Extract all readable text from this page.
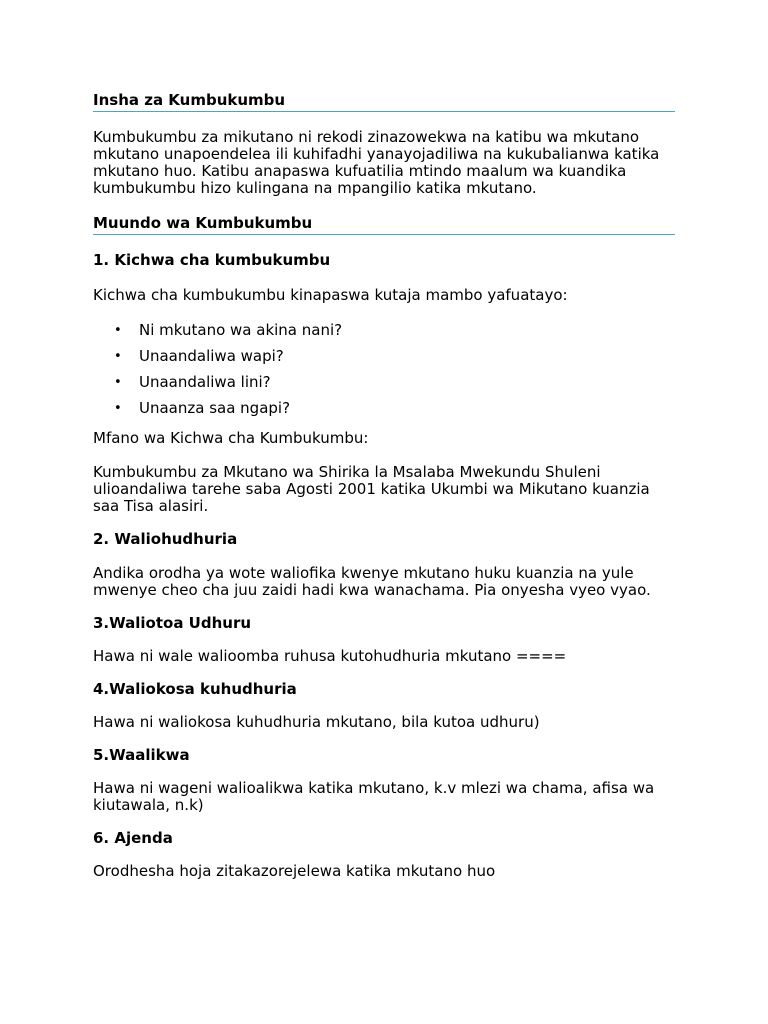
Insha za Kumbukumbu

Kumbukumbu za mikutano ni rekodi zinazowekwa na katibu wa mkutano mkutano unapoendelea ili kuhifadhi yanayojadiliwa na kukubalianwa katika mkutano huo. Katibu anapaswa kufuatilia mtindo maalum wa kuandika kumbukumbu hizo kulingana na mpangilio katika mkutano.

Muundo wa Kumbukumbu
1. Kichwa cha kumbukumbu

Kichwa cha kumbukumbu kinapaswa kutaja mambo yafuatayo:

• Ni mkutano wa akina nani?
• Unaandaliwa wapi?
• Unaandaliwa lini?
• Unaanza saa ngapi?

Mfano wa Kichwa cha Kumbukumbu:

Kumbukumbu za Mkutano wa Shirika la Msalaba Mwekundu Shuleni ulioandaliwa tarehe saba Agosti 2001 katika Ukumbi wa Mikutano kuanzia saa Tisa alasiri.

2. Waliohudhuria

Andika orodha ya wote waliofika kwenye mkutano huku kuanzia na yule mwenye cheo cha juu zaidi hadi kwa wanachama. Pia onyesha vyeo vyao.

3.Waliotoa Udhuru

Hawa ni wale walioomba ruhusa kutohudhuria mkutano ====

4.Waliokosa kuhudhuria

Hawa ni waliokosa kuhudhuria mkutano, bila kutoa udhuru)

5.Waalikwa

Hawa ni wageni walioalikwa katika mkutano, k.v mlezi wa chama, afisa wa kiutawala, n.k)

6. Ajenda

Orodhesha hoja zitakazorejelewa katika mkutano huo
